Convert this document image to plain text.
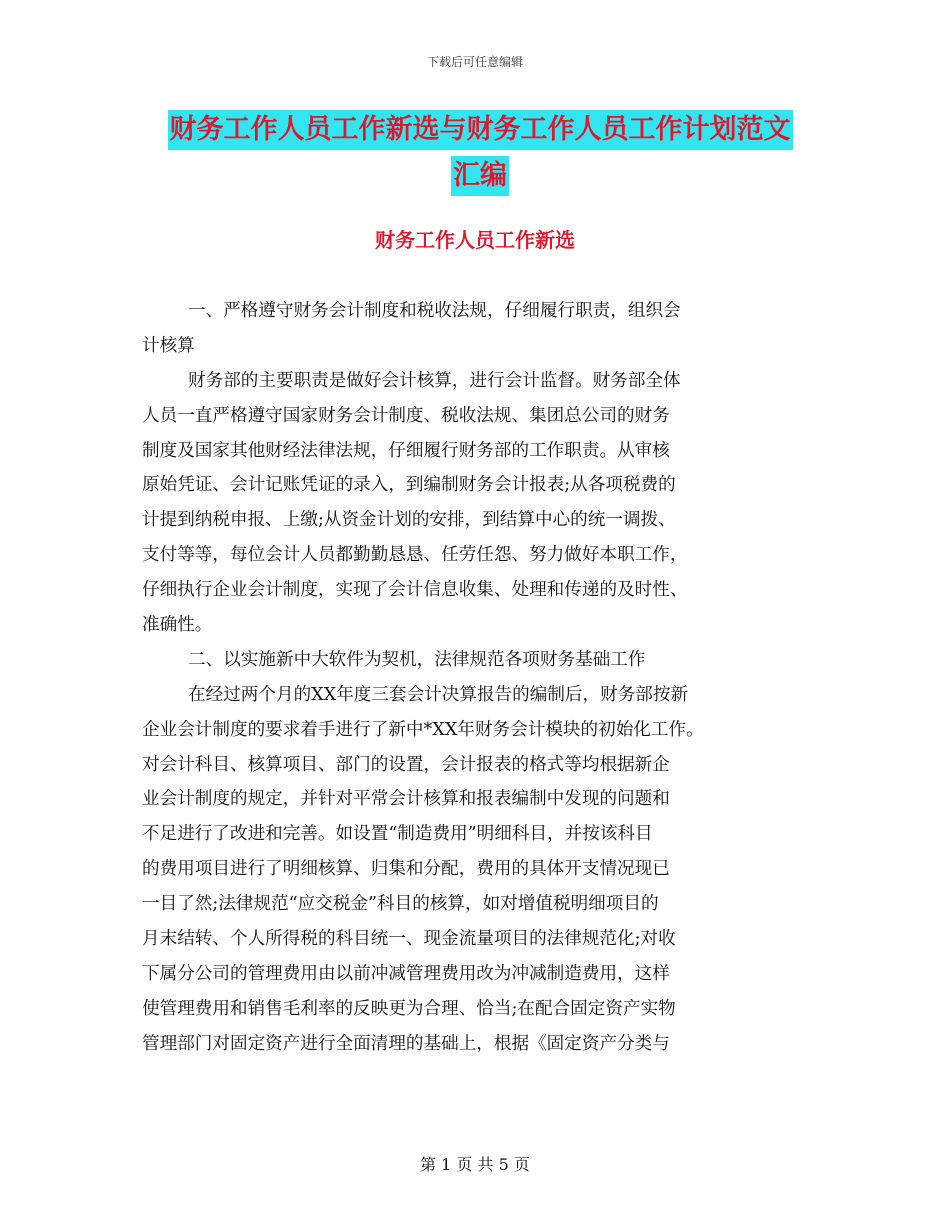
下载后可任意编辑
财务工作人员工作新选与财务工作人员工作计划范文
汇编
财务工作人员工作新选
一、严格遵守财务会计制度和税收法规，仔细履行职责，组织会
计核算
财务部的主要职责是做好会计核算，进行会计监督。财务部全体
人员一直严格遵守国家财务会计制度、税收法规、集团总公司的财务
制度及国家其他财经法律法规，仔细履行财务部的工作职责。从审核
原始凭证、会计记账凭证的录入，到编制财务会计报表;从各项税费的
计提到纳税申报、上缴;从资金计划的安排，到结算中心的统一调拨、
支付等等，每位会计人员都勤勤恳恳、任劳任怨、努力做好本职工作，
仔细执行企业会计制度，实现了会计信息收集、处理和传递的及时性、
准确性。
二、以实施新中大软件为契机，法律规范各项财务基础工作
在经过两个月的XX年度三套会计决算报告的编制后，财务部按新
企业会计制度的要求着手进行了新中*XX年财务会计模块的初始化工作。
对会计科目、核算项目、部门的设置，会计报表的格式等均根据新企
业会计制度的规定，并针对平常会计核算和报表编制中发现的问题和
不足进行了改进和完善。如设置“制造费用”明细科目，并按该科目
的费用项目进行了明细核算、归集和分配，费用的具体开支情况现已
一目了然;法律规范“应交税金”科目的核算，如对增值税明细项目的
月末结转、个人所得税的科目统一、现金流量项目的法律规范化;对收
下属分公司的管理费用由以前冲减管理费用改为冲减制造费用，这样
使管理费用和销售毛利率的反映更为合理、恰当;在配合固定资产实物
管理部门对固定资产进行全面清理的基础上，根据《固定资产分类与
第 1 页 共 5 页
